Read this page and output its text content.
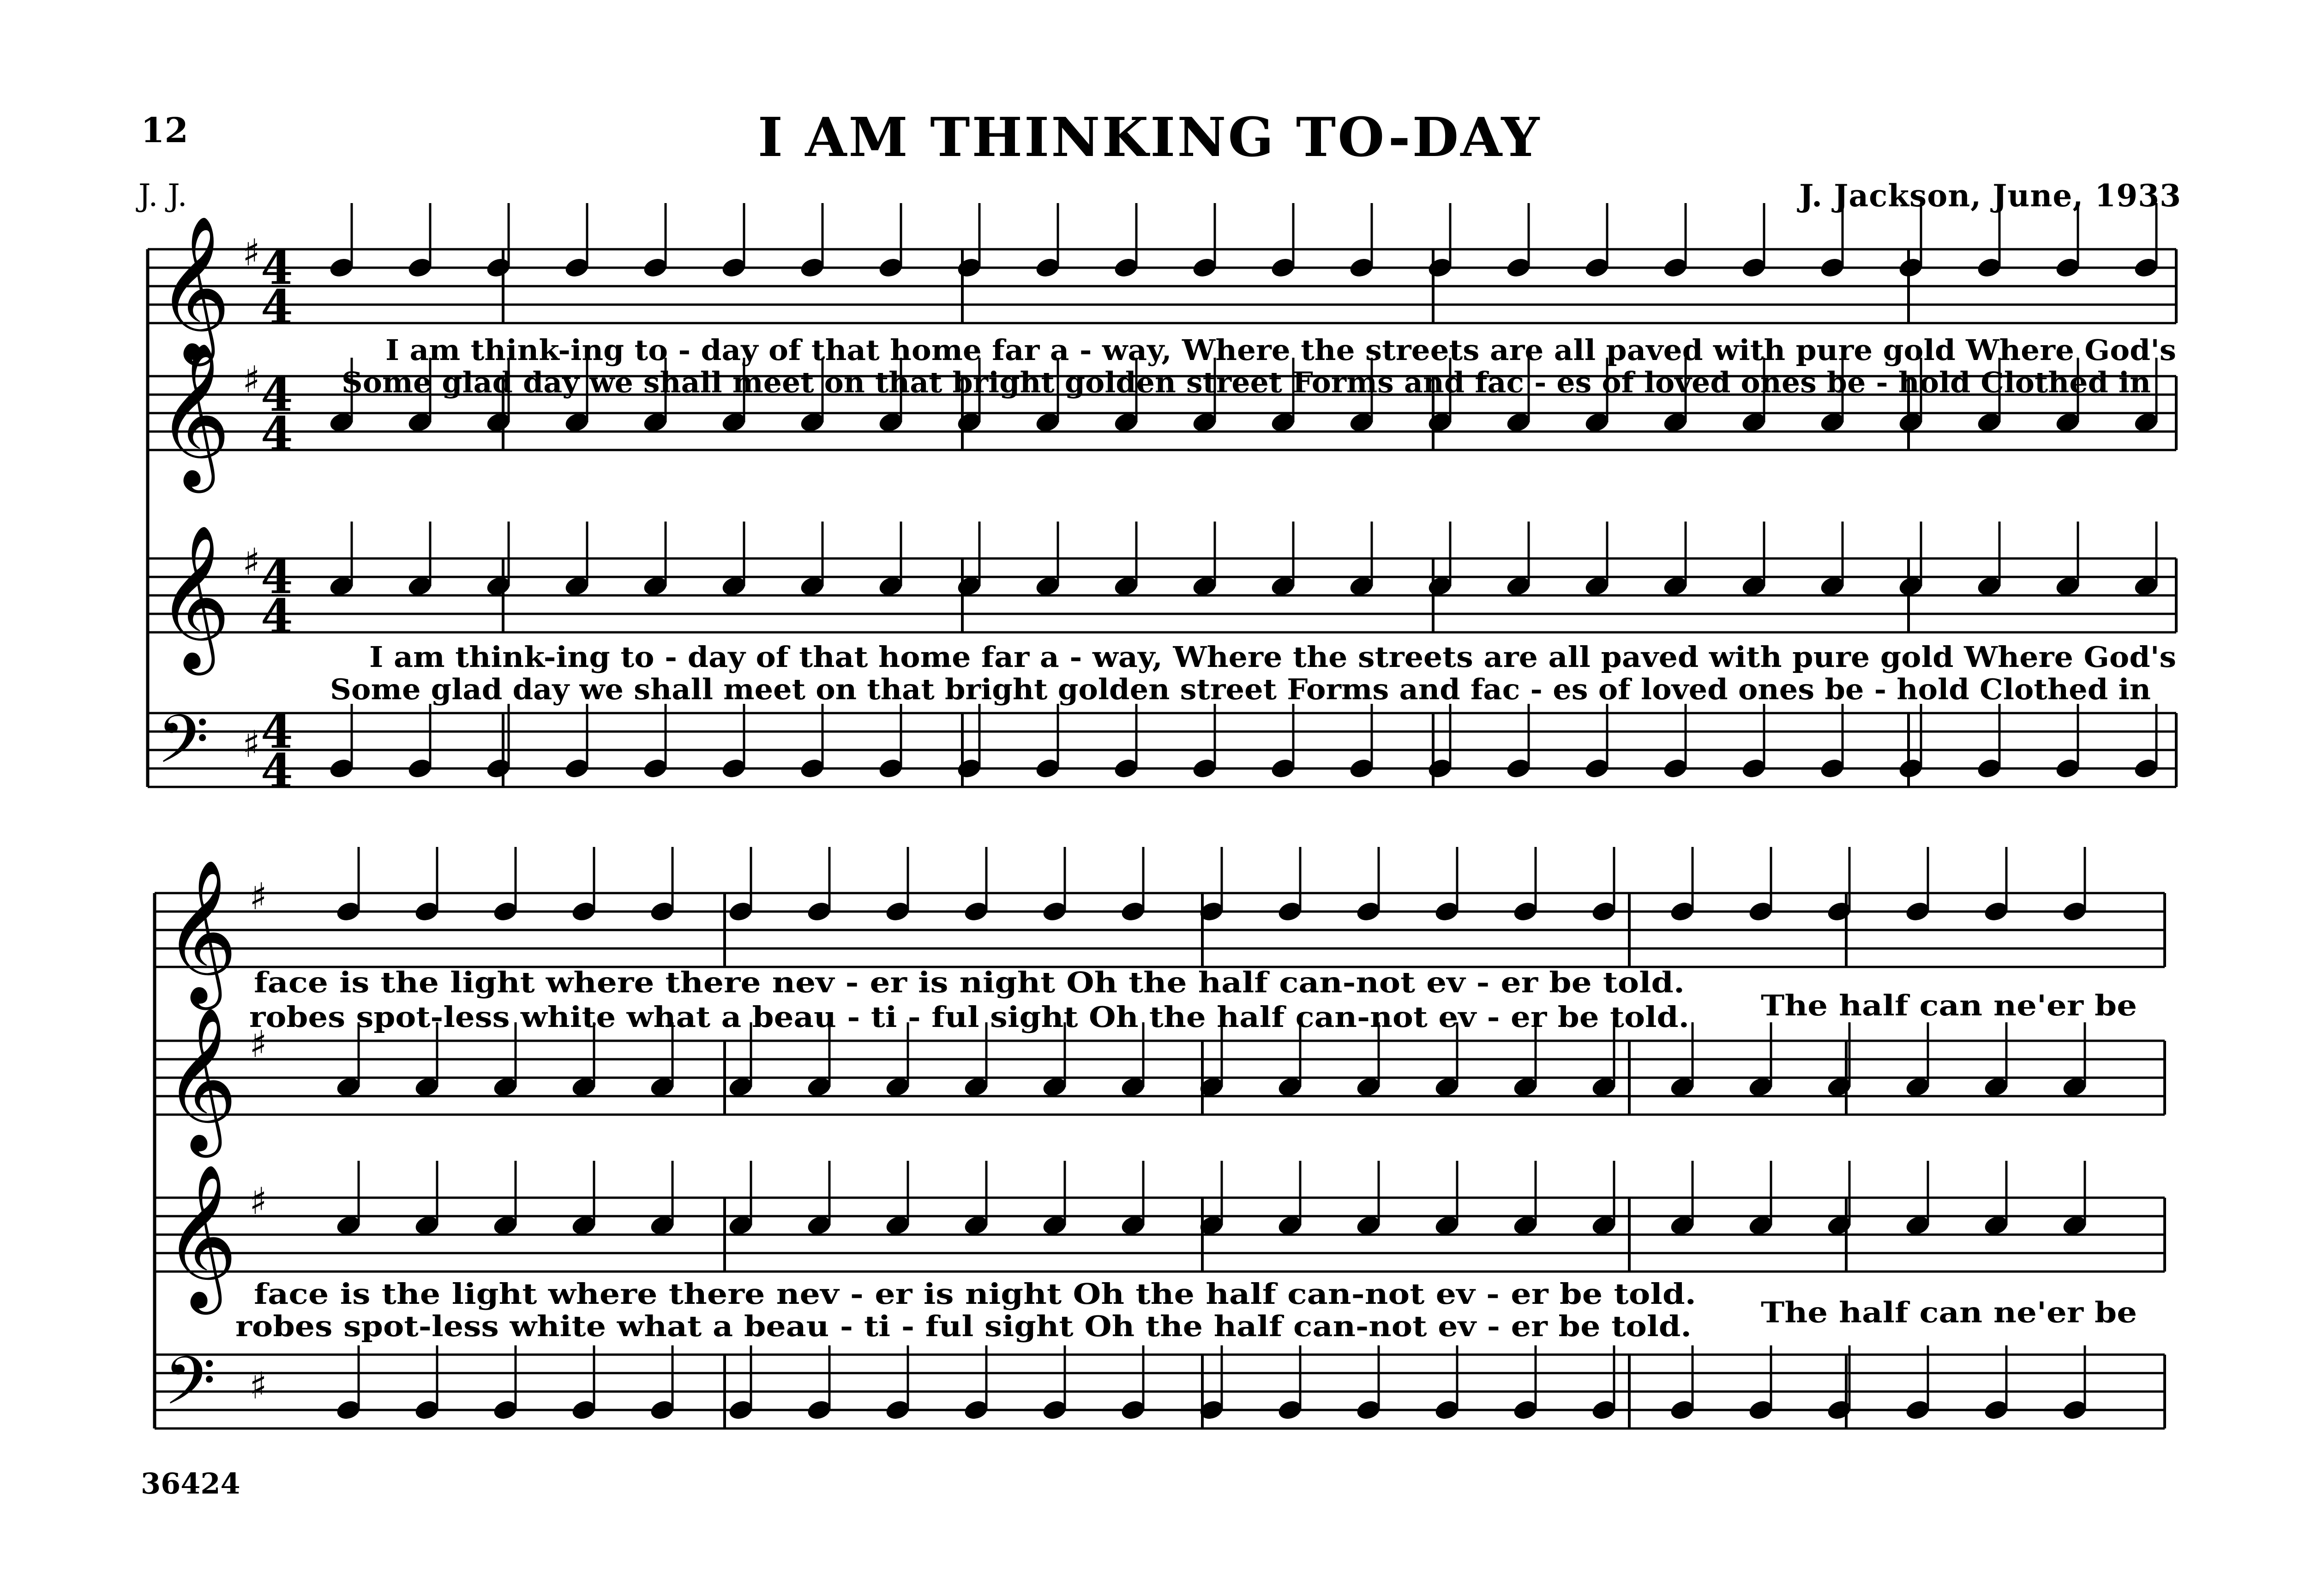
12	I AM THINKING TO-DAY
J. J.	J. Jackson, June, 1933
𝄞 ♯ 4
4
𝄞 ♯ 4
4
𝄞 ♯ 4
4
𝄢 ♯ 4
4
𝄞 ♯
𝄞 ♯
𝄞 ♯
𝄢 ♯
I am think-ing to - day of that home far a - way, Where the streets are all paved with pure gold Where God's
Some glad day we shall meet on that bright golden street Forms and fac - es of loved ones be - hold Clothed in
I am think-ing to - day of that home far a - way, Where the streets are all paved with pure gold Where God's
Some glad day we shall meet on that bright golden street Forms and fac - es of loved ones be - hold Clothed in
face is the light where there nev - er is night Oh the half can-not ev - er be told.
robes spot-less white what a beau - ti - ful sight Oh the half can-not ev - er be told.
face is the light where there nev - er is night Oh the half can-not ev - er be told.
robes spot-less white what a beau - ti - ful sight Oh the half can-not ev - er be told.
The half can ne'er be
The half can ne'er be
36424
